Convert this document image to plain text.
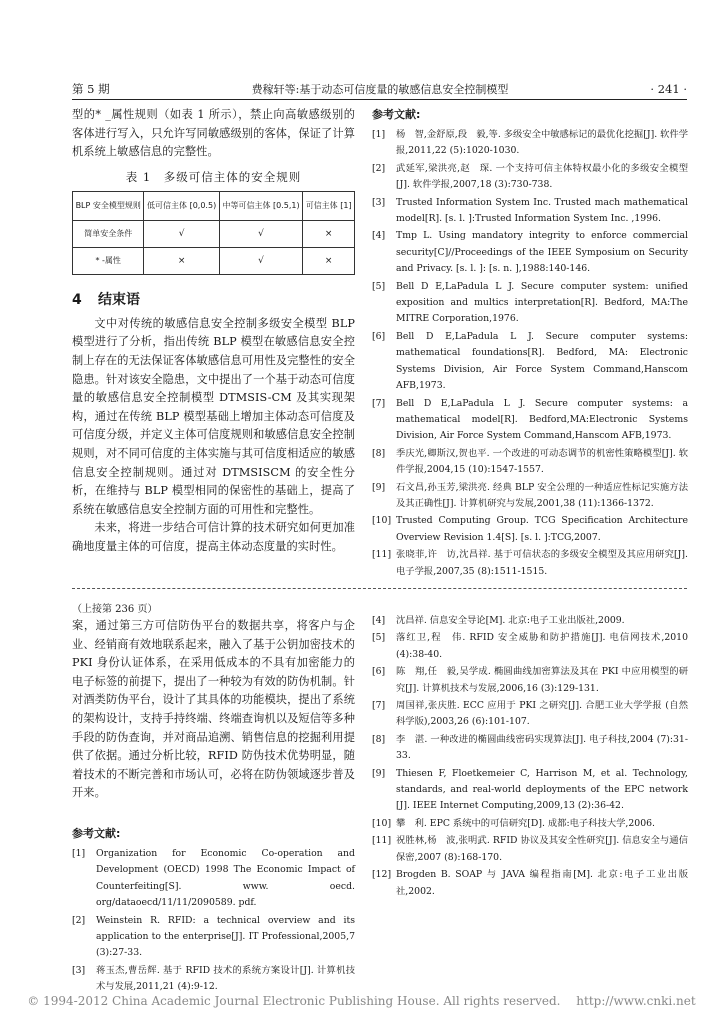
第 5 期	费稼轩等:基于动态可信度量的敏感信息安全控制模型	· 241 ·

型的* _属性规则（如表 1 所示），禁止向高敏感级别的客体进行写入，只允许写同敏感级别的客体，保证了计算机系统上敏感信息的完整性。

表 1　多级可信主体的安全规则
BLP 安全模型规则	低可信主体 [0,0.5)	中等可信主体 [0.5,1)	可信主体 [1]
简单安全条件	√	√	×
* -属性	×	√	×
4 结束语

文中对传统的敏感信息安全控制多级安全模型 BLP 模型进行了分析，指出传统 BLP 模型在敏感信息安全控制上存在的无法保证客体敏感信息可用性及完整性的安全隐患。针对该安全隐患，文中提出了一个基于动态可信度量的敏感信息安全控制模型 DTMSIS-CM 及其实现架构，通过在传统 BLP 模型基础上增加主体动态可信度及可信度分级，并定义主体可信度规则和敏感信息安全控制规则，对不同可信度的主体实施与其可信度相适应的敏感信息安全控制规则。通过对 DTMSISCM 的安全性分析，在维持与 BLP 模型相同的保密性的基础上，提高了系统在敏感信息安全控制方面的可用性和完整性。

未来，将进一步结合可信计算的技术研究如何更加准确地度量主体的可信度，提高主体动态度量的实时性。

参考文献:
[1]	杨　智,金舒原,段　毅,等. 多级安全中敏感标记的最优化挖掘[J]. 软件学报,2011,22 (5):1020-1030.
[2]	武延军,梁洪亮,赵　琛. 一个支持可信主体特权最小化的多级安全模型[J]. 软件学报,2007,18 (3):730-738.
[3]	Trusted Information System Inc. Trusted mach mathematical model[R]. [s. l. ]:Trusted Information System Inc. ,1996.
[4]	Tmp L. Using mandatory integrity to enforce commercial security[C]//Proceedings of the IEEE Symposium on Security and Privacy. [s. l. ]: [s. n. ],1988:140-146.
[5]	Bell D E,LaPadula L J. Secure computer system: unified exposition and multics interpretation[R]. Bedford, MA:The MITRE Corporation,1976.
[6]	Bell D E,LaPadula L J. Secure computer systems: mathematical foundations[R]. Bedford, MA: Electronic Systems Division, Air Force System Command,Hanscom AFB,1973.
[7]	Bell D E,LaPadula L J. Secure computer systems: a mathematical model[R]. Bedford,MA:Electronic Systems Division, Air Force System Command,Hanscom AFB,1973.
[8]	季庆光,卿斯汉,贺也平. 一个改进的可动态调节的机密性策略模型[J]. 软件学报,2004,15 (10):1547-1557.
[9]	石文昌,孙玉芳,梁洪亮. 经典 BLP 安全公理的一种适应性标记实施方法及其正确性[J]. 计算机研究与发展,2001,38 (11):1366-1372.
[10] Trusted Computing Group. TCG Specification Architecture Overview Revision 1.4[S]. [s. l. ]:TCG,2007.
[11] 张晓菲,许　访,沈昌祥. 基于可信状态的多级安全模型及其应用研究[J]. 电子学报,2007,35 (8):1511-1515.
（上接第 236 页）

案，通过第三方可信防伪平台的数据共享，将客户与企业、经销商有效地联系起来，融入了基于公钥加密技术的 PKI 身份认证体系，在采用低成本的不具有加密能力的电子标签的前提下，提出了一种较为有效的防伪机制。针对酒类防伪平台，设计了其具体的功能模块，提出了系统的架构设计，支持手持终端、终端查询机以及短信等多种手段的防伪查询，并对商品追溯、销售信息的挖掘利用提供了依据。通过分析比较，RFID 防伪技术优势明显，随着技术的不断完善和市场认可，必将在防伪领域逐步普及开来。

参考文献:
[1]	Organization for Economic Co-operation and Development (OECD) 1998 The Economic Impact of Counterfeiting[S]. www. oecd. org/dataoecd/11/11/2090589. pdf.
[2]	Weinstein R. RFID: a technical overview and its application to the enterprise[J]. IT Professional,2005,7 (3):27-33.
[3]	蒋玉杰,曹岳辉. 基于 RFID 技术的系统方案设计[J]. 计算机技术与发展,2011,21 (4):9-12.
[4]	沈昌祥. 信息安全导论[M]. 北京:电子工业出版社,2009.
[5]	落红卫,程　伟. RFID 安全威胁和防护措施[J]. 电信网技术,2010 (4):38-40.
[6]	陈　翔,任　毅,吴学成. 椭圆曲线加密算法及其在 PKI 中应用模型的研究[J]. 计算机技术与发展,2006,16 (3):129-131.
[7]	周国祥,张庆胜. ECC 应用于 PKI 之研究[J]. 合肥工业大学学报 (自然科学版),2003,26 (6):101-107.
[8]	李　湛. 一种改进的椭圆曲线密码实现算法[J]. 电子科技,2004 (7):31-33.
[9]	Thiesen F, Floetkemeier C, Harrison M, et al. Technology, standards, and real-world deployments of the EPC network [J]. IEEE Internet Computing,2009,13 (2):36-42.
[10] 攀　利. EPC 系统中的可信研究[D]. 成都:电子科技大学,2006.
[11] 祝胜林,杨　波,张明武. RFID 协议及其安全性研究[J]. 信息安全与通信保密,2007 (8):168-170.
[12] Brogden B. SOAP 与 JAVA 编程指南[M]. 北京:电子工业出版社,2002.
© 1994-2012 China Academic Journal Electronic Publishing House. All rights reserved.　 http://www.cnki.net
